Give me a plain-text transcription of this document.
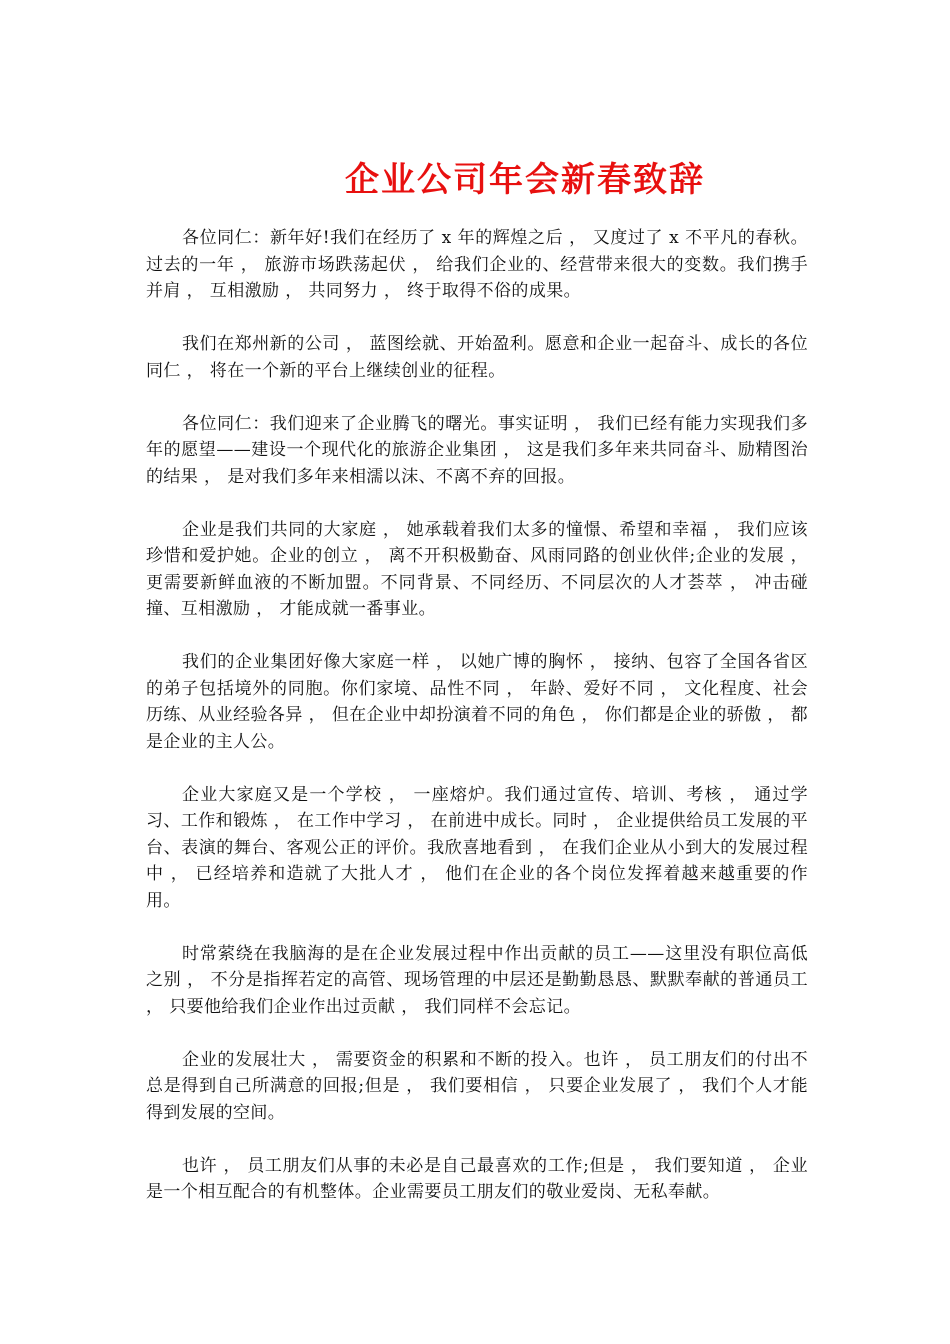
企业公司年会新春致辞

各位同仁：新年好!我们在经历了 x 年的辉煌之后 ， 又度过了 x 不平凡的春秋。过去的一年 ， 旅游市场跌荡起伏 ， 给我们企业的、经营带来很大的变数。我们携手并肩 ， 互相激励 ， 共同努力 ， 终于取得不俗的成果。

我们在郑州新的公司 ， 蓝图绘就、开始盈利。愿意和企业一起奋斗、成长的各位同仁 ， 将在一个新的平台上继续创业的征程。

各位同仁：我们迎来了企业腾飞的曙光。事实证明 ， 我们已经有能力实现我们多年的愿望——建设一个现代化的旅游企业集团 ， 这是我们多年来共同奋斗、励精图治的结果 ， 是对我们多年来相濡以沫、不离不弃的回报。

企业是我们共同的大家庭 ， 她承载着我们太多的憧憬、希望和幸福 ， 我们应该珍惜和爱护她。企业的创立 ， 离不开积极勤奋、风雨同路的创业伙伴;企业的发展 ， 更需要新鲜血液的不断加盟。不同背景、不同经历、不同层次的人才荟萃 ， 冲击碰撞、互相激励 ， 才能成就一番事业。

我们的企业集团好像大家庭一样 ， 以她广博的胸怀 ， 接纳、包容了全国各省区的弟子包括境外的同胞。你们家境、品性不同 ， 年龄、爱好不同 ， 文化程度、社会历练、从业经验各异 ， 但在企业中却扮演着不同的角色 ， 你们都是企业的骄傲 ， 都是企业的主人公。

企业大家庭又是一个学校 ， 一座熔炉。我们通过宣传、培训、考核 ， 通过学习、工作和锻炼 ， 在工作中学习 ， 在前进中成长。同时 ， 企业提供给员工发展的平台、表演的舞台、客观公正的评价。我欣喜地看到 ， 在我们企业从小到大的发展过程中 ， 已经培养和造就了大批人才 ， 他们在企业的各个岗位发挥着越来越重要的作用。

时常萦绕在我脑海的是在企业发展过程中作出贡献的员工——这里没有职位高低之别 ， 不分是指挥若定的高管、现场管理的中层还是勤勤恳恳、默默奉献的普通员工 ， 只要他给我们企业作出过贡献 ， 我们同样不会忘记。

企业的发展壮大 ， 需要资金的积累和不断的投入。也许 ， 员工朋友们的付出不总是得到自己所满意的回报;但是 ， 我们要相信 ， 只要企业发展了 ， 我们个人才能得到发展的空间。

也许 ， 员工朋友们从事的未必是自己最喜欢的工作;但是 ， 我们要知道 ， 企业是一个相互配合的有机整体。企业需要员工朋友们的敬业爱岗、无私奉献。
